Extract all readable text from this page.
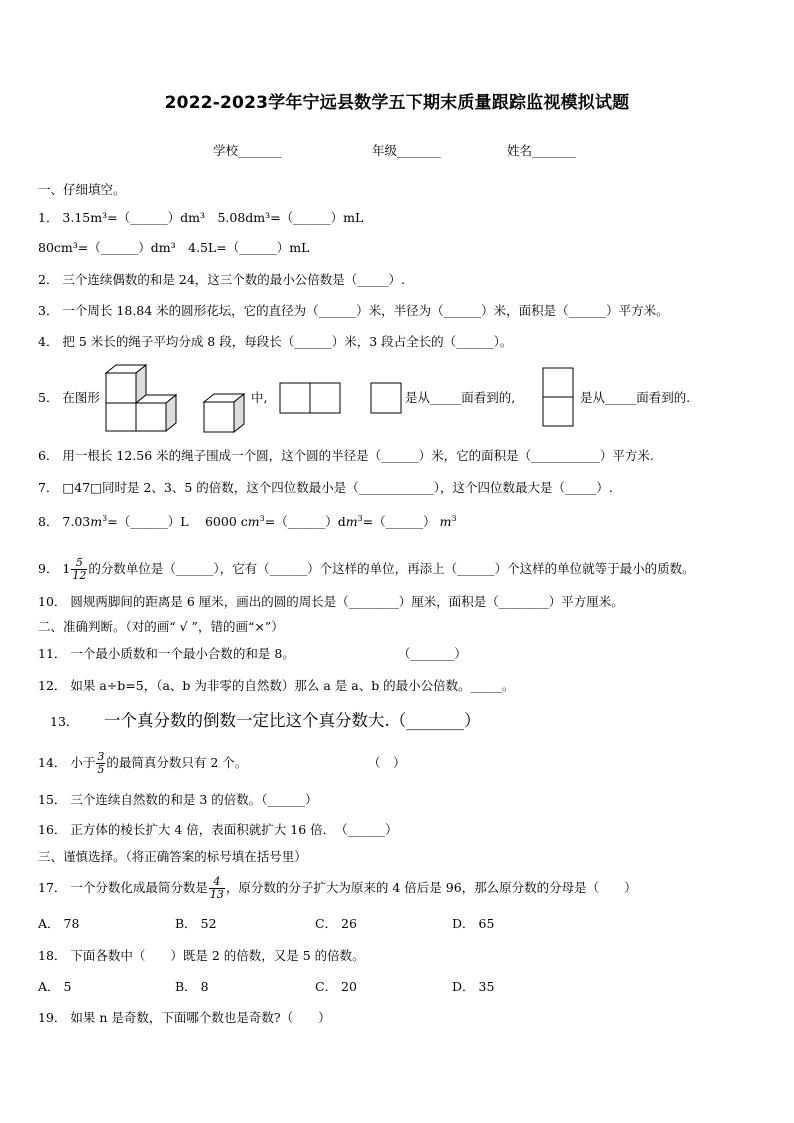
2022-2023学年宁远县数学五下期末质量跟踪监视模拟试题
学校_______	年级_______	姓名_______
一、仔细填空。
1． 3.15m³=（______）dm³　5.08dm³=（______）mL
80cm³=（______）dm³　4.5L=（______）mL
2． 三个连续偶数的和是 24，这三个数的最小公倍数是（_____）.
3． 一个周长 18.84 米的圆形花坛，它的直径为（______）米，半径为（______）米，面积是（______）平方米。
4． 把 5 米长的绳子平均分成 8 段，每段长（______）米，3 段占全长的（______）。
5． 在图形	中,	是从_____面看到的,	是从_____面看到的.
6． 用一根长 12.56 米的绳子围成一个圆，这个圆的半径是（______）米，它的面积是（___________）平方米.
7． □47□同时是 2、3、5 的倍数，这个四位数最小是（____________），这个四位数最大是（_____）.
8． $7.03m^3=(\_\_\_\_\_\_)L$　 6000 $cm^3=(\_\_\_\_\_\_)dm^3=(\_\_\_\_\_\_)$ $m^3$
9． $1 \frac{5}{12}$ 的分数单位是（______），它有（______）个这样的单位，再添上（______）个这样的单位就等于最小的质数。
10． 圆规两脚间的距离是 6 厘米，画出的圆的周长是（________）厘米，面积是（________）平方厘米。
二、准确判断。（对的画“ √ ”，错的画“×”）
11． 一个最小质数和一个最小合数的和是 8。	（_______）
12． 如果 a÷b=5，（a、b 为非零的自然数）那么 a 是 a、b 的最小公倍数。_____。
13． 一个真分数的倒数一定比这个真分数大.（_______）
14． 小于 $\frac{3}{5}$ 的最简真分数只有 2 个。	（　）
15． 三个连续自然数的和是 3 的倍数。（______）
16． 正方体的棱长扩大 4 倍，表面积就扩大 16 倍．　（______）
三、谨慎选择。（将正确答案的标号填在括号里）
17． 一个分数化成最简分数是 $\frac{4}{13}$ ，原分数的分子扩大为原来的 4 倍后是 96，那么原分数的分母是（　　）
A． 78	B． 52	C． 26	D． 65
18． 下面各数中（　　）既是 2 的倍数，又是 5 的倍数。
A． 5	B． 8	C． 20	D． 35
19． 如果 n 是奇数，下面哪个数也是奇数?（　　）
